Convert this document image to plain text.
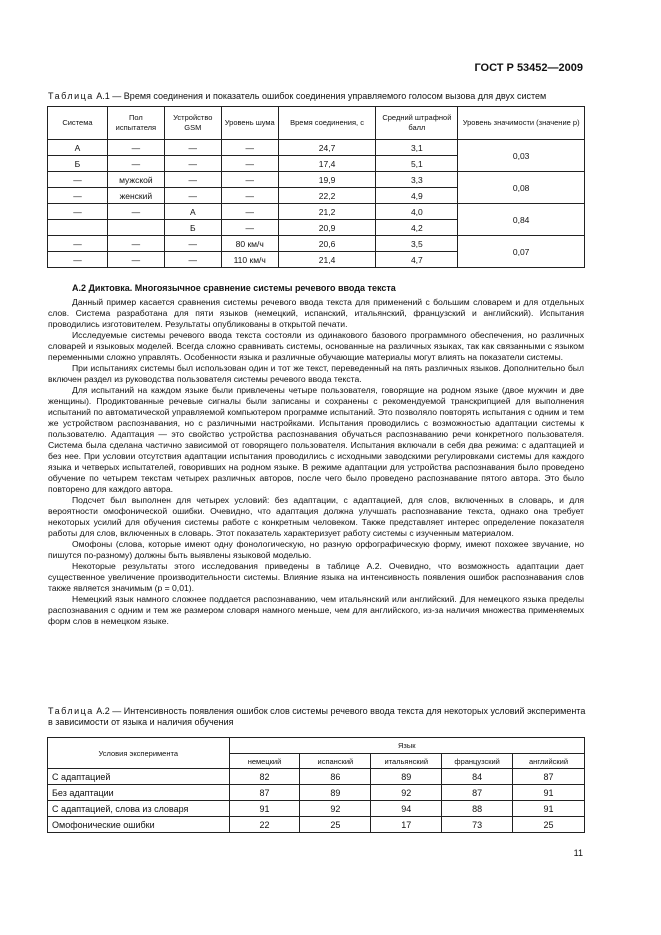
ГОСТ Р 53452—2009
Таблица А.1 — Время соединения и показатель ошибок соединения управляемого голосом вызова для двух систем
Система	Пол испытателя	Устройство GSM	Уровень шума	Время соединения, с	Средний штрафной балл	Уровень значимости (значение p)
А	—	—	—	24,7	3,1	0,03
Б	—	—	—	17,4	5,1	
—	мужской	—	—	19,9	3,3	0,08
—	женский	—	—	22,2	4,9	
—	—	А	—	21,2	4,0	0,84
		Б	—	20,9	4,2	
—	—	—	80 км/ч	20,6	3,5	0,07
—	—	—	110 км/ч	21,4	4,7	
А.2 Диктовка. Многоязычное сравнение системы речевого ввода текста

Данный пример касается сравнения системы речевого ввода текста для применений с большим словарем и для отдельных слов. Система разработана для пяти языков (немецкий, испанский, итальянский, французский и английский). Испытания проводились изготовителем. Результаты опубликованы в открытой печати.

Исследуемые системы речевого ввода текста состояли из одинакового базового программного обеспечения, но различных словарей и языковых моделей. Всегда сложно сравнивать системы, основанные на различных языках, так как связанными с языком переменными сложно управлять. Особенности языка и различные обучающие материалы могут влиять на показатели системы.

При испытаниях системы был использован один и тот же текст, переведенный на пять различных языков. Дополнительно был включен раздел из руководства пользователя системы речевого ввода текста.

Для испытаний на каждом языке были привлечены четыре пользователя, говорящие на родном языке (двое мужчин и две женщины). Продиктованные речевые сигналы были записаны и сохранены с рекомендуемой транскрипцией для выполнения испытаний по автоматической управляемой компьютером программе испытаний. Это позволяло повторять испытания с одним и тем же устройством распознавания, но с различными настройками. Испытания проводились с возможностью адаптации системы к пользователю. Адаптация — это свойство устройства распознавания обучаться распознаванию речи конкретного пользователя. Система была сделана частично зависимой от говорящего пользователя. Испытания включали в себя два режима: с адаптацией и без нее. При условии отсутствия адаптации испытания проводились с исходными заводскими регулировками системы для каждого языка и четверых испытателей, говоривших на родном языке. В режиме адаптации для устройства распознавания было проведено обучение по четырем текстам четырех различных авторов, после чего было проведено распознавание пятого автора. Это было повторено для каждого автора.

Подсчет был выполнен для четырех условий: без адаптации, с адаптацией, для слов, включенных в словарь, и для вероятности омофонической ошибки. Очевидно, что адаптация должна улучшать распознавание текста, однако она требует некоторых усилий для обучения системы работе с конкретным человеком. Также представляет интерес определение показателя работы для слов, включенных в словарь. Этот показатель характеризует работу системы с изученным материалом.

Омофоны (слова, которые имеют одну фонологическую, но разную орфографическую форму, имеют похожее звучание, но пишутся по-разному) должны быть выявлены языковой моделью.

Некоторые результаты этого исследования приведены в таблице А.2. Очевидно, что возможность адаптации дает существенное увеличение производительности системы. Влияние языка на интенсивность появления ошибок распознавания слов также является значимым (p = 0,01).

Немецкий язык намного сложнее поддается распознаванию, чем итальянский или английский. Для немецкого языка пределы распознавания с одним и тем же размером словаря намного меньше, чем для английского, из-за наличия множества применяемых форм слов в немецком языке.

Таблица А.2 — Интенсивность появления ошибок слов системы речевого ввода текста для некоторых условий эксперимента в зависимости от языка и наличия обучения
Условия эксперимента	Язык				
	немецкий	испанский	итальянский	французский	английский
С адаптацией	82	86	89	84	87
Без адаптации	87	89	92	87	91
С адаптацией, слова из словаря	91	92	94	88	91
Омофонические ошибки	22	25	17	73	25
11
